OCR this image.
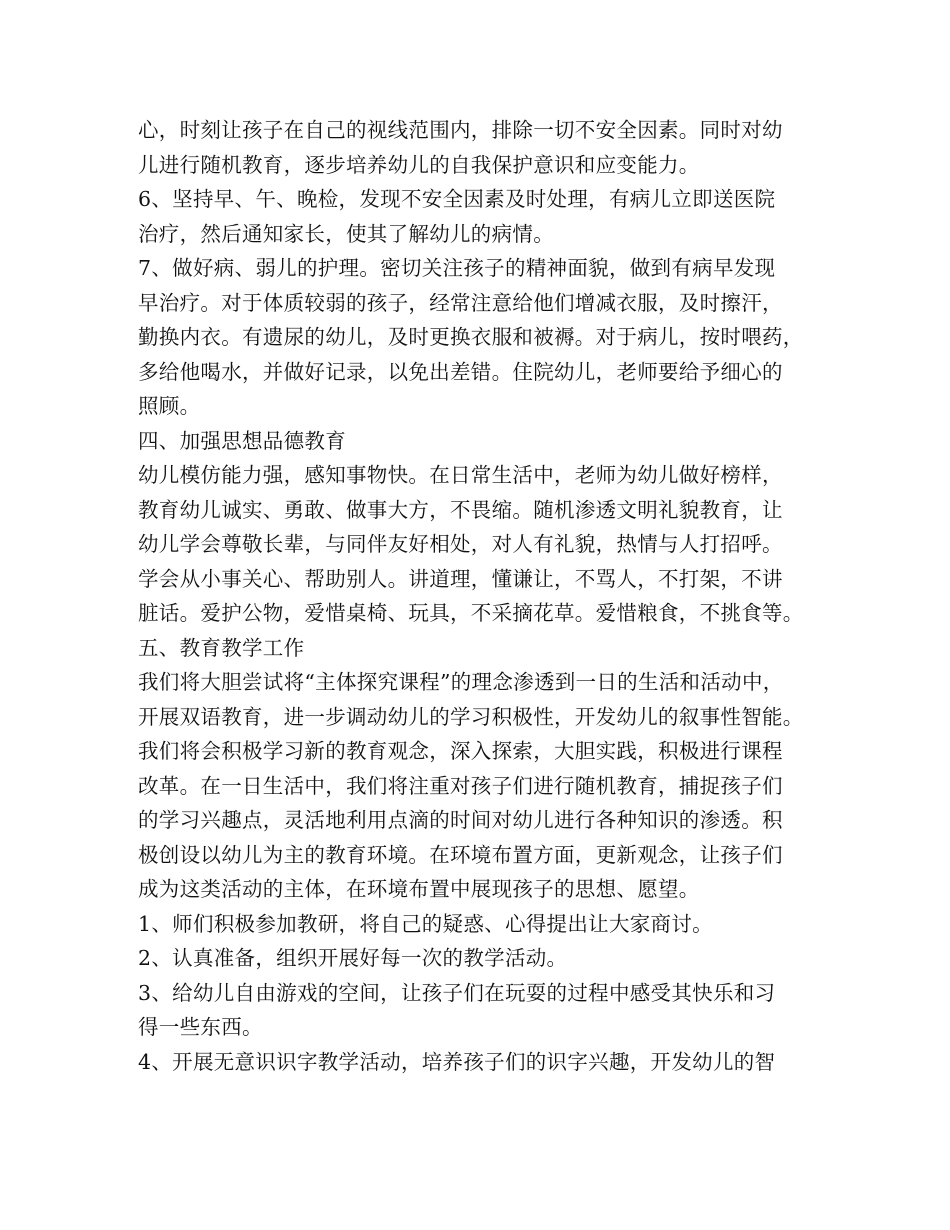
心，时刻让孩子在自己的视线范围内，排除一切不安全因素。同时对幼
儿进行随机教育，逐步培养幼儿的自我保护意识和应变能力。
6、坚持早、午、晚检，发现不安全因素及时处理，有病儿立即送医院
治疗，然后通知家长，使其了解幼儿的病情。
7、做好病、弱儿的护理。密切关注孩子的精神面貌，做到有病早发现
早治疗。对于体质较弱的孩子，经常注意给他们增减衣服，及时擦汗，
勤换内衣。有遗尿的幼儿，及时更换衣服和被褥。对于病儿，按时喂药，
多给他喝水，并做好记录，以免出差错。住院幼儿，老师要给予细心的
照顾。
四、加强思想品德教育
幼儿模仿能力强，感知事物快。在日常生活中，老师为幼儿做好榜样，
教育幼儿诚实、勇敢、做事大方，不畏缩。随机渗透文明礼貌教育，让
幼儿学会尊敬长辈，与同伴友好相处，对人有礼貌，热情与人打招呼。
学会从小事关心、帮助别人。讲道理，懂谦让，不骂人，不打架，不讲
脏话。爱护公物，爱惜桌椅、玩具，不采摘花草。爱惜粮食，不挑食等。
五、教育教学工作
我们将大胆尝试将“主体探究课程”的理念渗透到一日的生活和活动中，
开展双语教育，进一步调动幼儿的学习积极性，开发幼儿的叙事性智能。
我们将会积极学习新的教育观念，深入探索，大胆实践，积极进行课程
改革。在一日生活中，我们将注重对孩子们进行随机教育，捕捉孩子们
的学习兴趣点，灵活地利用点滴的时间对幼儿进行各种知识的渗透。积
极创设以幼儿为主的教育环境。在环境布置方面，更新观念，让孩子们
成为这类活动的主体，在环境布置中展现孩子的思想、愿望。
1、师们积极参加教研，将自己的疑惑、心得提出让大家商讨。
2、认真准备，组织开展好每一次的教学活动。
3、给幼儿自由游戏的空间，让孩子们在玩耍的过程中感受其快乐和习
得一些东西。
4、开展无意识识字教学活动，培养孩子们的识字兴趣，开发幼儿的智
